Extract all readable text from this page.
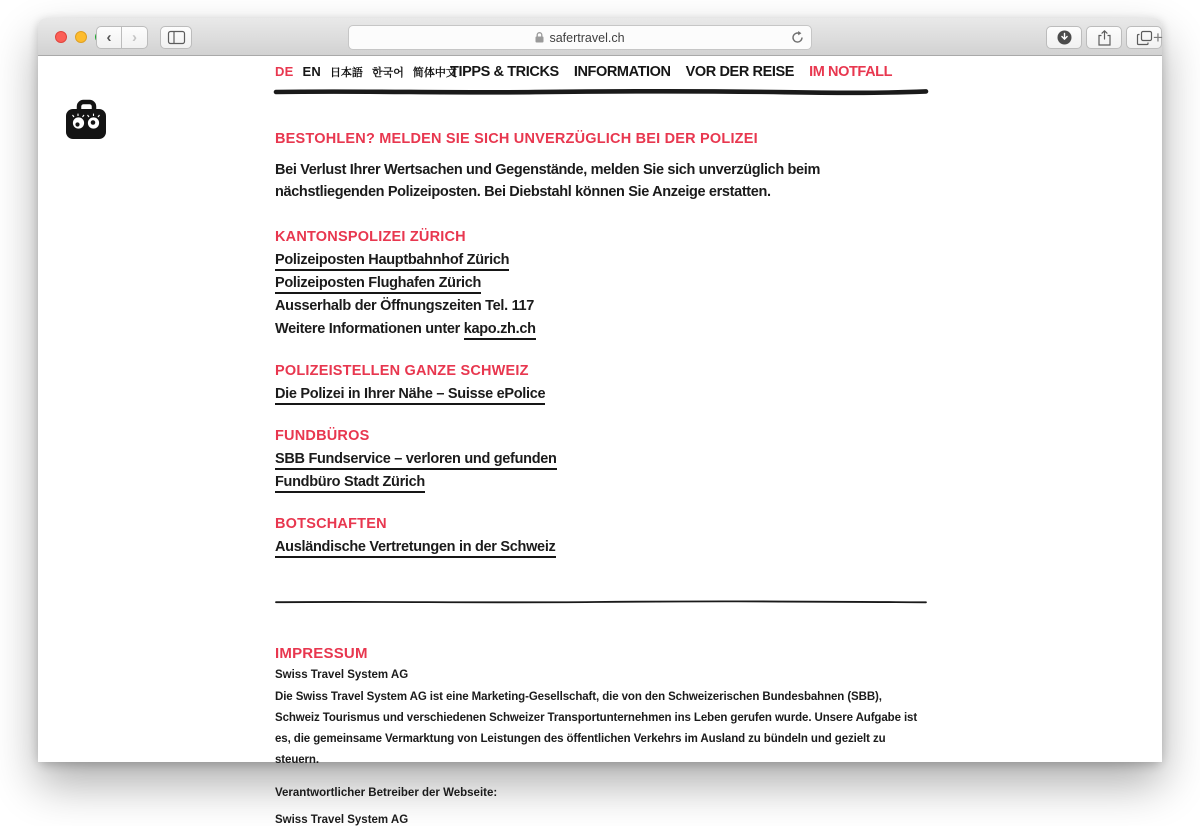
‹	›	safertravel.ch	+
DE EN 日本語 한국어 简体中文
TIPPS & TRICKS INFORMATION VOR DER REISE IM NOTFALL
BESTOHLEN? MELDEN SIE SICH UNVERZÜGLICH BEI DER POLIZEI

Bei Verlust Ihrer Wertsachen und Gegenstände, melden Sie sich unverzüglich beim nächstliegenden Polizeiposten. Bei Diebstahl können Sie Anzeige erstatten.

KANTONSPOLIZEI ZÜRICH
Polizeiposten Hauptbahnhof Zürich
Polizeiposten Flughafen Zürich
Ausserhalb der Öffnungszeiten Tel. 117
Weitere Informationen unter kapo.zh.ch
POLIZEISTELLEN GANZE SCHWEIZ
Die Polizei in Ihrer Nähe – Suisse ePolice
FUNDBÜROS
SBB Fundservice – verloren und gefunden
Fundbüro Stadt Zürich
BOTSCHAFTEN
Ausländische Vertretungen in der Schweiz
IMPRESSUM
Swiss Travel System AG

Die Swiss Travel System AG ist eine Marketing-Gesellschaft, die von den Schweizerischen Bundesbahnen (SBB), Schweiz Tourismus und verschiedenen Schweizer Transportunternehmen ins Leben gerufen wurde. Unsere Aufgabe ist es, die gemeinsame Vermarktung von Leistungen des öffentlichen Verkehrs im Ausland zu bündeln und gezielt zu steuern.

Verantwortlicher Betreiber der Webseite:
Swiss Travel System AG
